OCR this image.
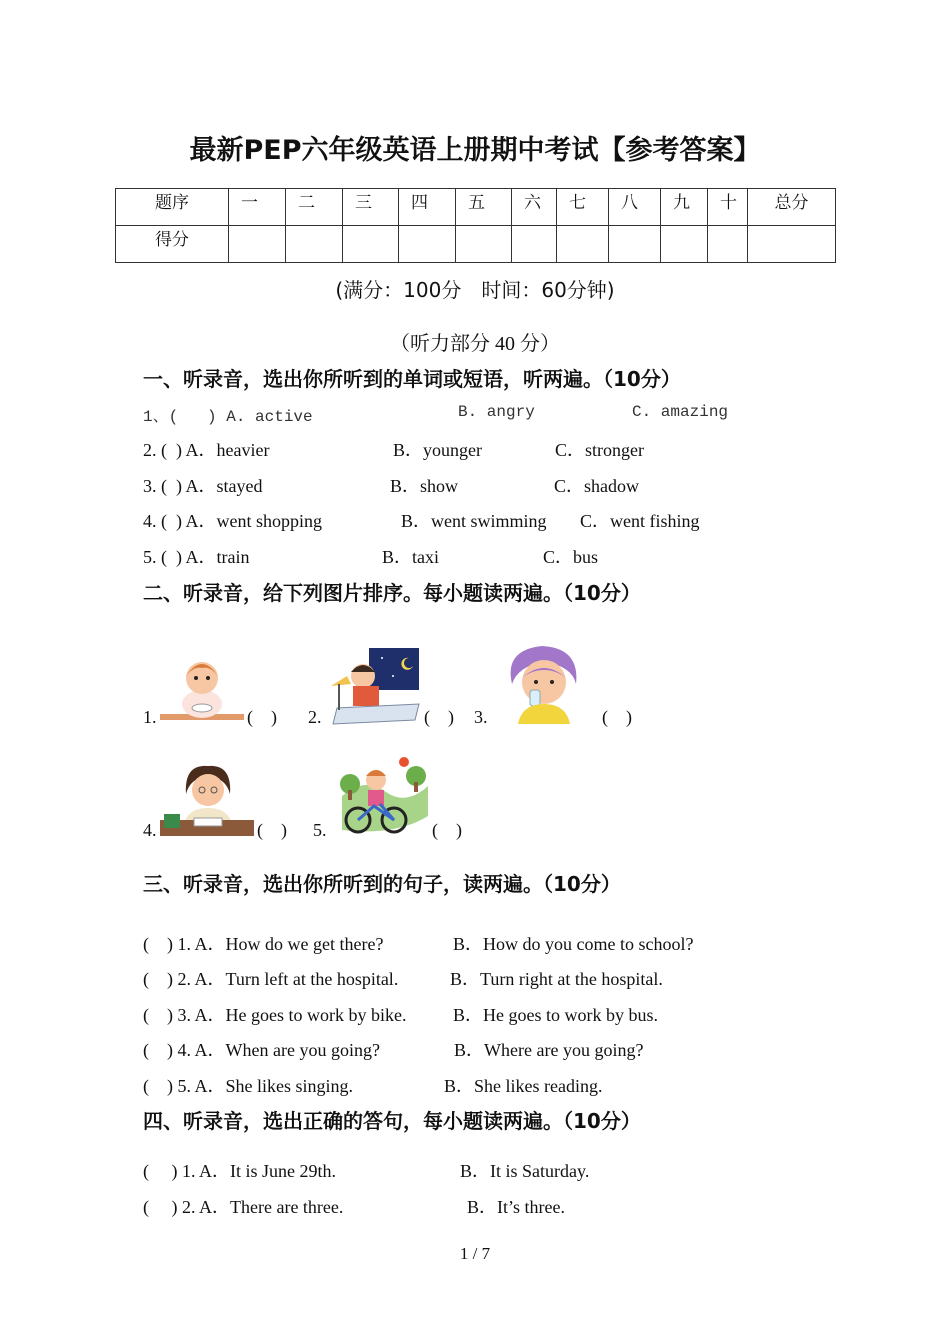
最新PEP六年级英语上册期中考试【参考答案】
题序	一	二	三	四	五	六	七	八	九	十	总分
得分											
(满分：100分　时间：60分钟)
（听力部分 40 分）
一、听录音，选出你所听到的单词或短语，听两遍。（10分）
1、(   ) A. active	B. angry	C. amazing
2. (  ) A．heavier	B．younger	C．stronger
3. (  ) A．stayed	B．show	C．shadow
4. (  ) A．went shopping	B．went swimming C．went fishing
5. (  ) A．train	B．taxi	C．bus
二、听录音，给下列图片排序。每小题读两遍。（10分）
1.	(    ) 2.	(    ) 3.	(    )
4.	(    ) 5.	(    )
三、听录音，选出你所听到的句子，读两遍。（10分）
(    ) 1. A．How do we get there?	B．How do you come to school?
(    ) 2. A．Turn left at the hospital.	B．Turn right at the hospital.
(    ) 3. A．He goes to work by bike.	B．He goes to work by bus.
(    ) 4. A．When are you going?	B．Where are you going?
(    ) 5. A．She likes singing.	B．She likes reading.
四、听录音，选出正确的答句，每小题读两遍。（10分）
(     ) 1. A．It is June 29th.	B．It is Saturday.
(     ) 2. A．There are three.	B．It’s three.
1 / 7
